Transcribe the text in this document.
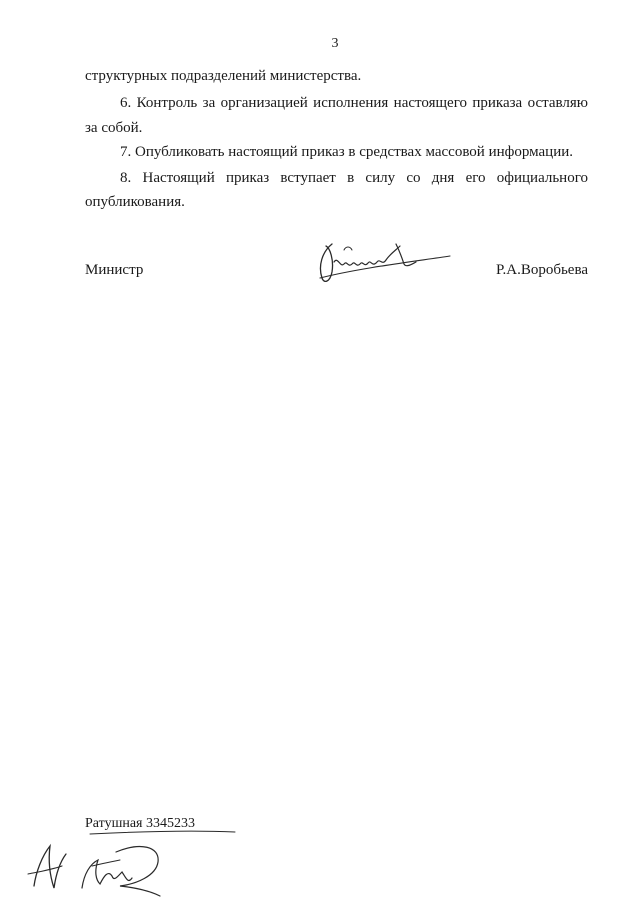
3
структурных подразделений министерства.
6. Контроль за организацией исполнения настоящего приказа оставляю
за собой.
7. Опубликовать настоящий приказ в средствах массовой информации.
8. Настоящий приказ вступает в силу со дня его официального
опубликования.
Министр	Р.А.Воробьева
Ратушная 3345233
